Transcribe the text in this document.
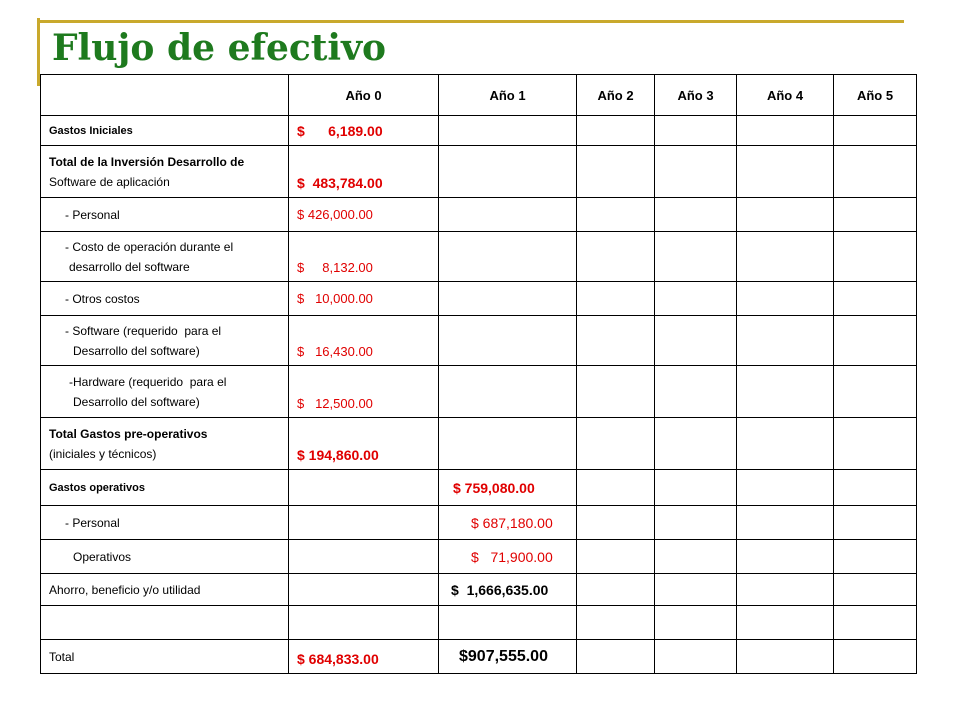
Flujo de efectivo
	Año 0	Año 1	Año 2	Año 3	Año 4	Año 5
Gastos Iniciales	$      6,189.00					

Total de la Inversión Desarrollo de
Software de aplicación	$  483,784.00					
- Personal	$ 426,000.00					

- Costo de operación durante el
desarrollo del software	$     8,132.00					
- Otros costos	$   10,000.00					

- Software (requerido  para el
Desarrollo del software)	$   16,430.00					

-Hardware (requerido  para el
Desarrollo del software)	$   12,500.00					

Total Gastos pre-operativos
(iniciales y técnicos)	$ 194,860.00					
Gastos operativos		$ 759,080.00				
- Personal		$ 687,180.00				
Operativos		$   71,900.00				
Ahorro, beneficio y/o utilidad		$  1,666,635.00				

Total	$ 684,833.00	$907,555.00				
